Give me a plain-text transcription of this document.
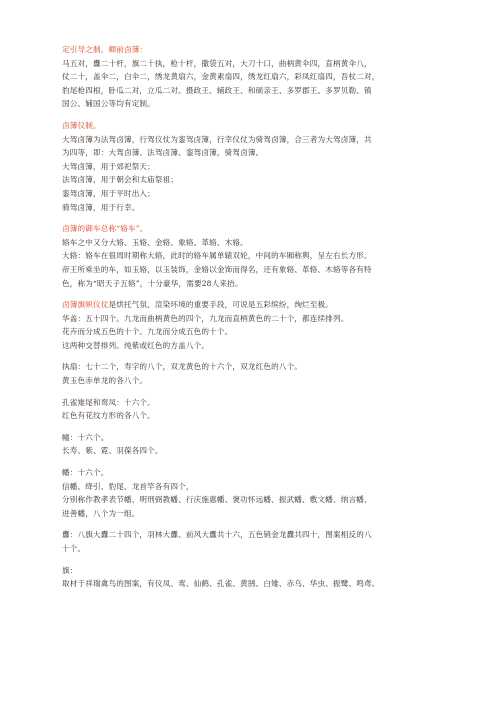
定引导之制，卿前卤簿：
马五对，纛二十杆，旗二十执，枪十杆，撒袋五对，大刀十口，曲柄黄伞四，直柄黄伞八，
仗二十，盖伞二，白伞二，绣龙黄扇六，金黄素扇四，绣龙红扇六，彩凤红扇四，吾杖二对，
豹尾枪四根，卧瓜二对，立瓜二对。摄政王、辅政王、和硕亲王、多罗郡王、多罗贝勒、镇
国公、辅国公等均有定制。
卤簿仪制。
大驾卤簿为法驾卤簿，行驾仪仗为銮驾卤簿，行幸仪仗为骑驾卤簿，合三者为大驾卤簿，共
为四等，即：大驾卤簿、法驾卤簿、銮驾卤簿，骑驾卤簿。
大驾卤簿，用于郊祀祭天；
法驾卤簿，用于朝会和太庙祭祖；
銮驾卤簿，用于平时出入；
骑驾卤簿，用于行幸。
卤簿的御车总称“辂车”。
辂车之中又分大辂、玉辂、金辂、象辂、革辂、木辂。
大辂：辂车在很周时期称大辂，此时的辂车属单辕双轮，中间的车厢称舆，呈左右长方形。
帝王所乘坐的车，如玉辂，以玉装饰，金辂以金饰而得名，还有象辂、革辂、木辂等各有特
色，称为“昭天子五辂”，十分豪华，需要28人来抬。
卤簿旗帜仪仗是烘托气氛、渲染环境的重要手段，可说是五彩缤纷，绚烂至极。
华盖：五十四个。九龙而曲柄黄色的四个，九龙而直柄黄色的二十个，都连续排列。
花卉而分成五色的十个。九龙而分成五色的十个。
这两种交替排列。纯紫或红色的方盖八个。
执扇：七十二个，寿字的八个，双龙黄色的十六个，双龙红色的八个。
黄玉色赤单龙的各八个。
孔雀雉尾和鸾凤：十六个。
红色有花纹方形的各八个。
幢：十六个。
长寿、紫、霓、羽葆各四个。
幡：十六个。
信幡、绛引、豹尾、龙首竿各有四个，
分别称作教孝表节幡、明刑弼教幡、行庆施惠幡、褒功怀远幡、振武幡、敷文幡、纳言幡、
进善幡，八个为一组。
纛：八旗大纛二十四个，羽林大纛、前风大纛共十六，五色销金龙纛共四十，图案相反的八
十个。
旗：
取材于祥瑞禽鸟的图案，有仪凤、鸾、仙鹤、孔雀、黄鹄、白雉、赤乌、华虫、振鹭、鸣鸢。
